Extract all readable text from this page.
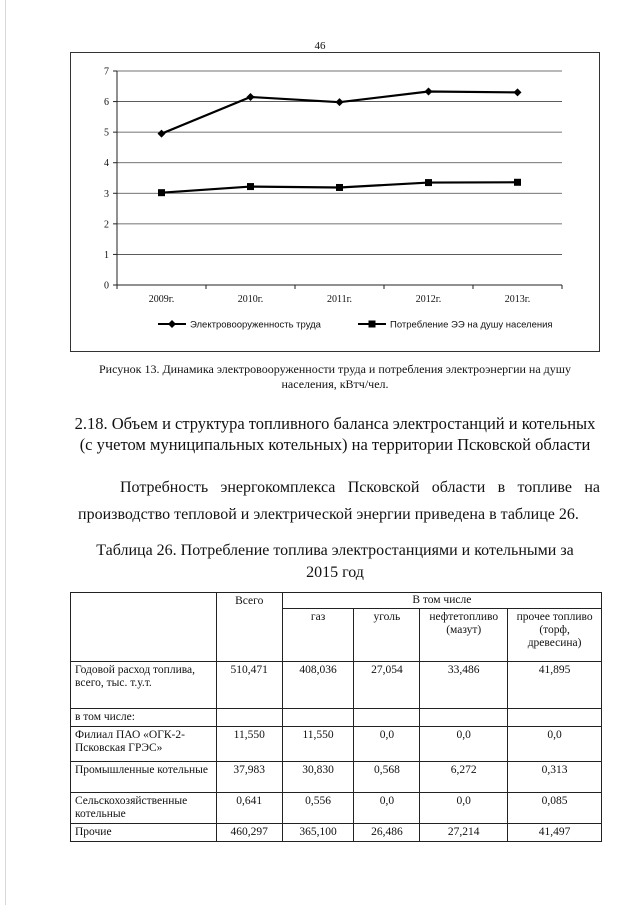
46
0
1
2
3
4
5
6
7
2009г.	2010г.	2011г.	2012г.	2013г.
Электровооруженность труда	Потребление ЭЭ на душу населения
Рисунок 13. Динамика электровооруженности труда и потребления электроэнергии на душу
населения, кВтч/чел.
2.18. Объем и структура топливного баланса электростанций и котельных
(с учетом муниципальных котельных) на территории Псковской области
Потребность энергокомплекса Псковской области в топливе на производство тепловой и электрической энергии приведена в таблице 26.
Таблица 26. Потребление топлива электростанциями и котельными за
2015 год
	Всего	В том числе			
		газ	уголь	нефтетопливо (мазут)	прочее топливо (торф, древесина)
Годовой расход топлива, всего, тыс. т.у.т.	510,471	408,036	27,054	33,486	41,895
в том числе:					
Филиал ПАО «ОГК-2-Псковская ГРЭС»	11,550	11,550	0,0	0,0	0,0
Промышленные котельные	37,983	30,830	0,568	6,272	0,313
Сельскохозяйственные котельные	0,641	0,556	0,0	0,0	0,085
Прочие	460,297	365,100	26,486	27,214	41,497
